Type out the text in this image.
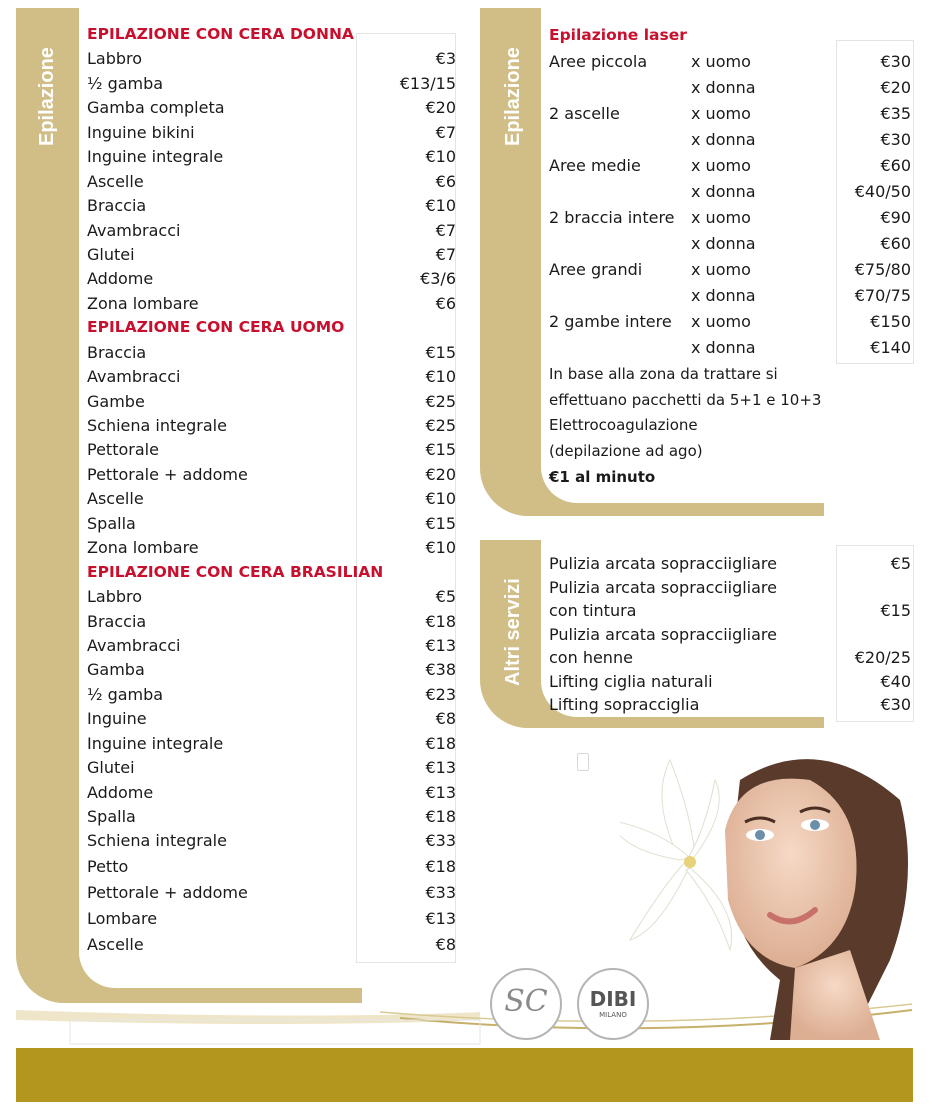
Epilazione
EPILAZIONE CON CERA DONNA
Labbro	€3
½ gamba	€13/15
Gamba completa	€20
Inguine bikini	€7
Inguine integrale	€10
Ascelle	€6
Braccia	€10
Avambracci	€7
Glutei	€7
Addome	€3/6
Zona lombare	€6
EPILAZIONE CON CERA UOMO
Braccia	€15
Avambracci	€10
Gambe	€25
Schiena integrale	€25
Pettorale	€15
Pettorale + addome	€20
Ascelle	€10
Spalla	€15
Zona lombare	€10
EPILAZIONE CON CERA BRASILIAN
Labbro	€5
Braccia	€18
Avambracci	€13
Gamba	€38
½ gamba	€23
Inguine	€8
Inguine integrale	€18
Glutei	€13
Addome	€13
Spalla	€18
Schiena integrale	€33
Petto	€18
Pettorale + addome	€33
Lombare	€13
Ascelle	€8
Epilazione
Epilazione laser
Aree piccola	x uomo	€30
x donna	€20
2 ascelle	x uomo	€35
x donna	€30
Aree medie	x uomo	€60
x donna	€40/50
2 braccia intere x uomo	€90
x donna	€60
Aree grandi	x uomo	€75/80
x donna	€70/75
2 gambe intere x uomo	€150
x donna	€140
In base alla zona da trattare si
effettuano pacchetti da 5+1 e 10+3
Elettrocoagulazione
(depilazione ad ago)
€1 al minuto
Altri servizi
Pulizia arcata sopracciigliare	€5
Pulizia arcata sopracciigliare
con tintura	€15
Pulizia arcata sopracciigliare
con henne	€20/25
Lifting ciglia naturali	€40
Lifting sopracciglia	€30
SC	DIBI
MILANO
